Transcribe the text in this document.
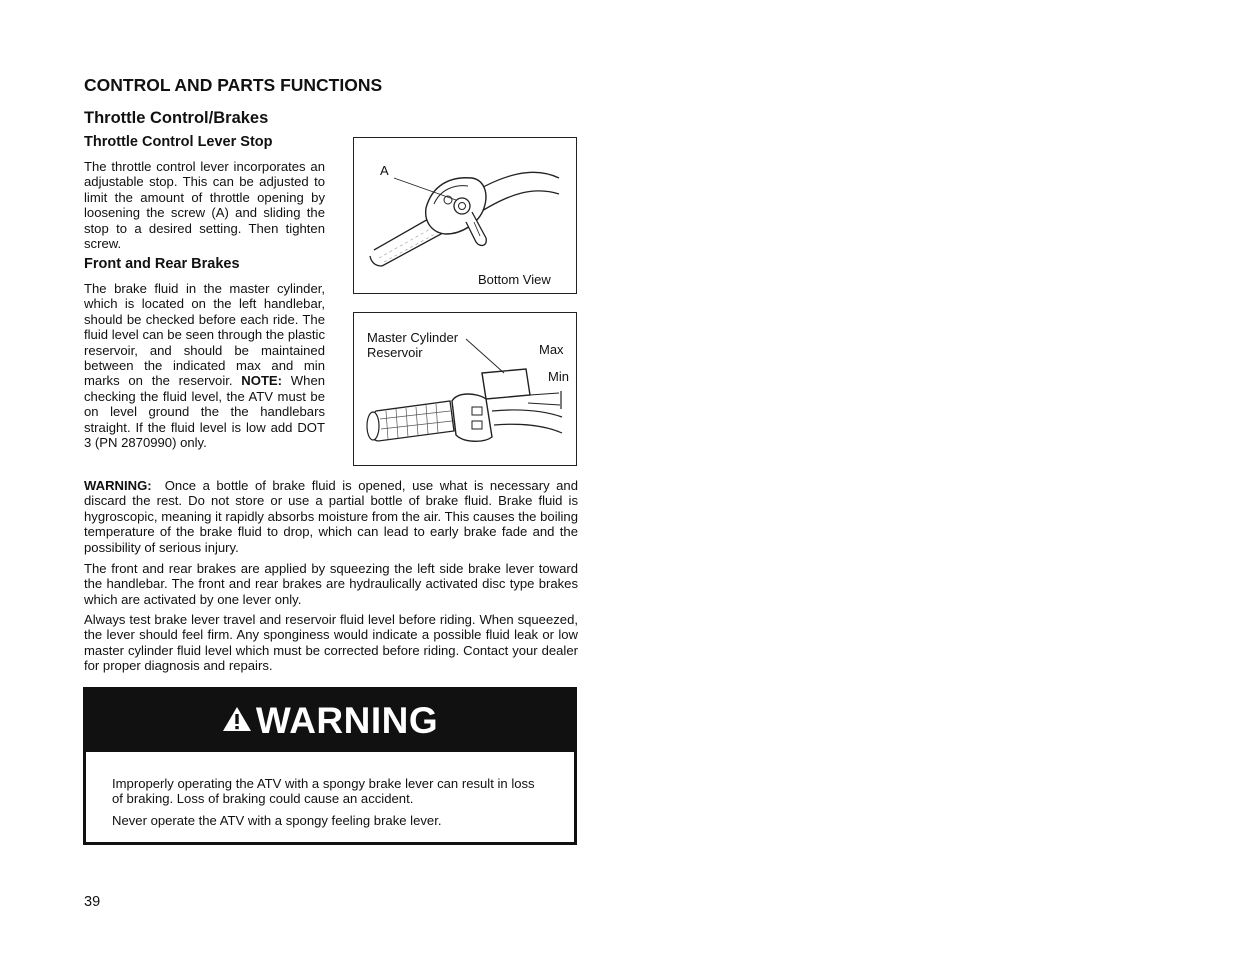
CONTROL AND PARTS FUNCTIONS
Throttle Control/Brakes
Throttle Control Lever Stop

The throttle control lever incorporates an adjustable stop. This can be adjusted to limit the amount of throttle opening by loosening the screw (A) and sliding the stop to a desired setting. Then tighten screw.

Front and Rear Brakes

The brake fluid in the master cylinder, which is located on the left handlebar, should be checked before each ride. The fluid level can be seen through the plastic reservoir, and should be maintained between the indicated max and min marks on the reservoir. NOTE: When checking the fluid level, the ATV must be on level ground the the handlebars straight. If the fluid level is low add DOT 3 (PN 2870990) only.

A
Bottom View
Master Cylinder
Reservoir	Max
Min

WARNING: Once a bottle of brake fluid is opened, use what is necessary and discard the rest. Do not store or use a partial bottle of brake fluid. Brake fluid is hygroscopic, meaning it rapidly absorbs moisture from the air. This causes the boiling temperature of the brake fluid to drop, which can lead to early brake fade and the possibility of serious injury.

The front and rear brakes are applied by squeezing the left side brake lever toward the handlebar. The front and rear brakes are hydraulically activated disc type brakes which are activated by one lever only.

Always test brake lever travel and reservoir fluid level before riding. When squeezed, the lever should feel firm. Any sponginess would indicate a possible fluid leak or low master cylinder fluid level which must be corrected before riding. Contact your dealer for proper diagnosis and repairs.

WARNING

Improperly operating the ATV with a spongy brake lever can result in loss of braking. Loss of braking could cause an accident.

Never operate the ATV with a spongy feeling brake lever.

39
